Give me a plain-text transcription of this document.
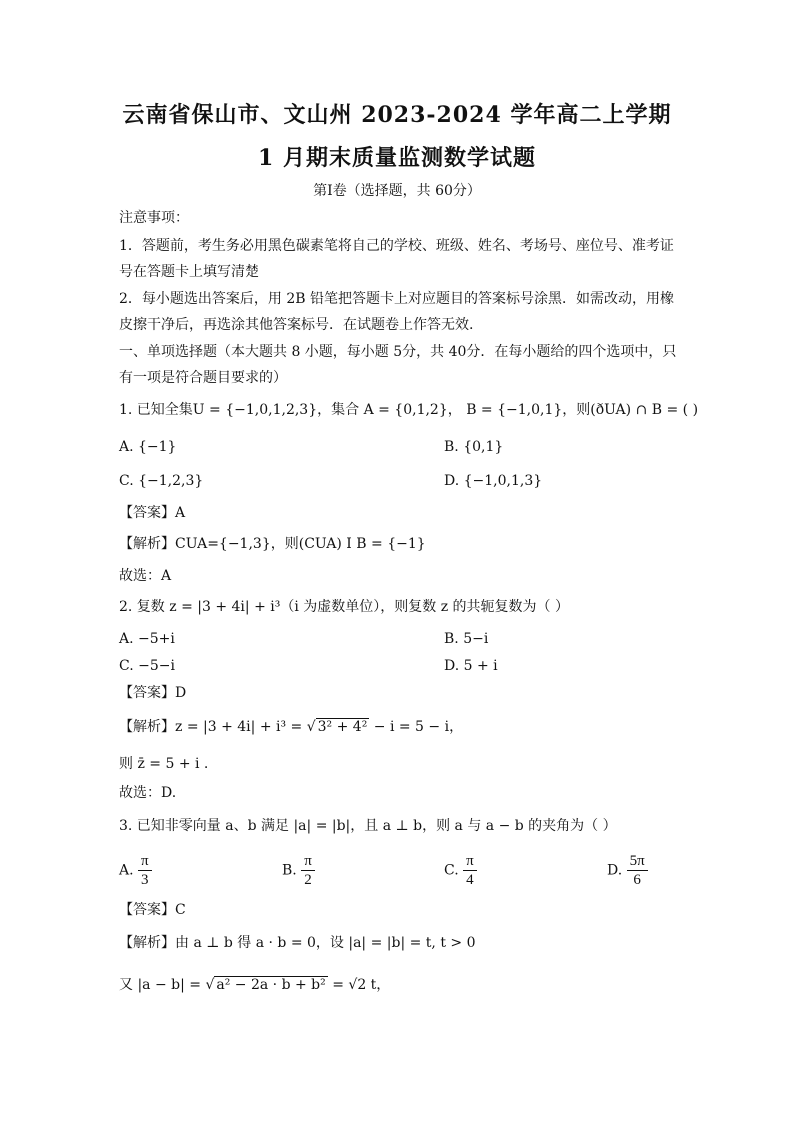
云南省保山市、文山州 2023-2024 学年高二上学期
1 月期末质量监测数学试题
第Ⅰ卷（选择题，共 60分）
注意事项：
1．答题前，考生务必用黑色碳素笔将自己的学校、班级、姓名、考场号、座位号、准考证
号在答题卡上填写清楚
2．每小题选出答案后，用 2B 铅笔把答题卡上对应题目的答案标号涂黑．如需改动，用橡
皮擦干净后，再选涂其他答案标号．在试题卷上作答无效.
一、单项选择题（本大题共 8 小题，每小题 5分，共 40分．在每小题给的四个选项中，只
有一项是符合题目要求的）
1. 已知全集U = {−1,0,1,2,3}，集合 A = {0,1,2}， B = {−1,0,1}，则(ðUA) ∩ B = ( )
A. {−1}	B. {0,1}
C. {−1,2,3}	D. {−1,0,1,3}
【答案】A
【解析】CUA={−1,3}，则(CUA) I B = {−1}
故选：A
2. 复数 z = |3 + 4i| + i³（i 为虚数单位），则复数 z 的共轭复数为（ ）
A. −5+i	B. 5−i
C. −5−i	D. 5 + i
【答案】D
【解析】z = |3 + 4i| + i³ = √ 3² + 4² − i = 5 − i，
则 z̄ = 5 + i .
故选：D.
3. 已知非零向量 a、b 满足 |a| = |b|，且 a ⊥ b，则 a 与 a − b 的夹角为（ ）
A. $\frac{\pi}{3}$	B. $\frac{\pi}{2}$	C. $\frac{\pi}{4}$	D. $\frac{5\pi}{6}$
【答案】C
【解析】由 a ⊥ b 得 a · b = 0，设 |a| = |b| = t, t > 0
又 |a − b| = √ a² − 2a · b + b² = √2 t，
